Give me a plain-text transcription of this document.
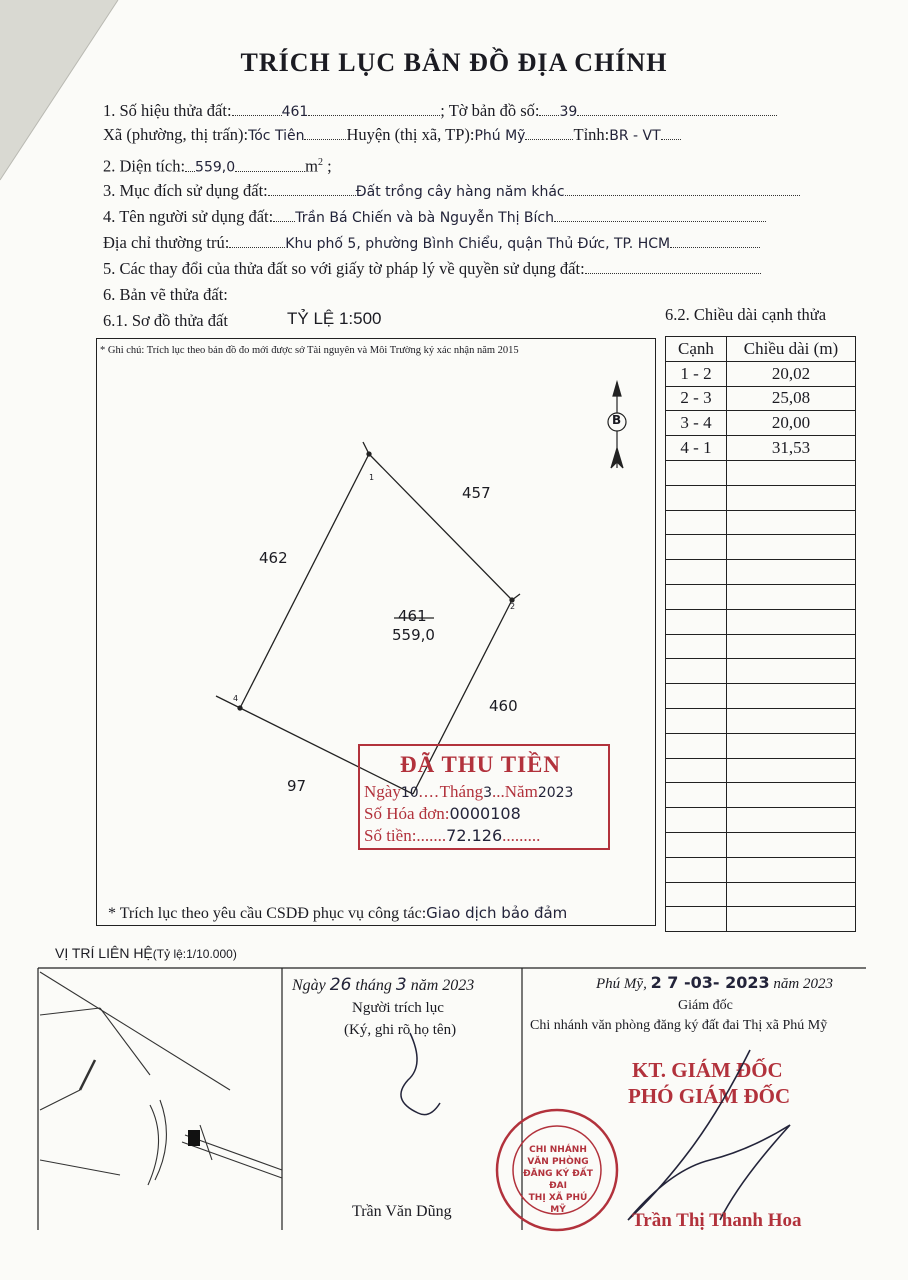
TRÍCH LỤC BẢN ĐỒ ĐỊA CHÍNH
1. Số hiệu thửa đất:	461	; Tờ bản đồ số: 39
Xã (phường, thị trấn):Tóc Tiên	Huyện (thị xã, TP):Phú Mỹ	Tỉnh:BR - VT
2. Diện tích: 559,0	$m^2$ ;
3. Mục đích sử dụng đất:	Đất trồng cây hàng năm khác
4. Tên người sử dụng đất: Trần Bá Chiến và bà Nguyễn Thị Bích
Địa chỉ thường trú:	Khu phố 5, phường Bình Chiểu, quận Thủ Đức, TP. HCM
5. Các thay đổi của thửa đất so với giấy tờ pháp lý về quyền sử dụng đất:
6. Bản vẽ thửa đất:
6.1. Sơ đồ thửa đất	TỶ LỆ 1:500	6.2. Chiều dài cạnh thửa
* Ghi chú: Trích lục theo bản đồ đo mới được sở Tài nguyên và Môi Trường ký xác nhận năm 2015
B
462
457
460
97
461
559,0
1
2
4
ĐÃ THU TIỀN
Ngày10....Tháng3...Năm2023
Số Hóa đơn:0000108
Số tiền:.......72.126.........
* Trích lục theo yêu cầu CSDĐ phục vụ công tác:Giao dịch bảo đảm
Cạnh	Chiều dài (m)
1 - 2	20,02
2 - 3	25,08
3 - 4	20,00
4 - 1	31,53

VỊ TRÍ LIÊN HỆ(Tỷ lệ:1/10.000)
Ngày 26 tháng 3 năm 2023
Người trích lục
(Ký, ghi rõ họ tên)
Trần Văn Dũng
Phú Mỹ, 2 7 -03- 2023 năm 2023
Giám đốc
Chi nhánh văn phòng đăng ký đất đai Thị xã Phú Mỹ
KT. GIÁM ĐỐC
PHÓ GIÁM ĐỐC
CHI NHÁNH
VĂN PHÒNG
ĐĂNG KÝ ĐẤT ĐAI
THỊ XÃ PHÚ MỸ	Trần Thị Thanh Hoa
